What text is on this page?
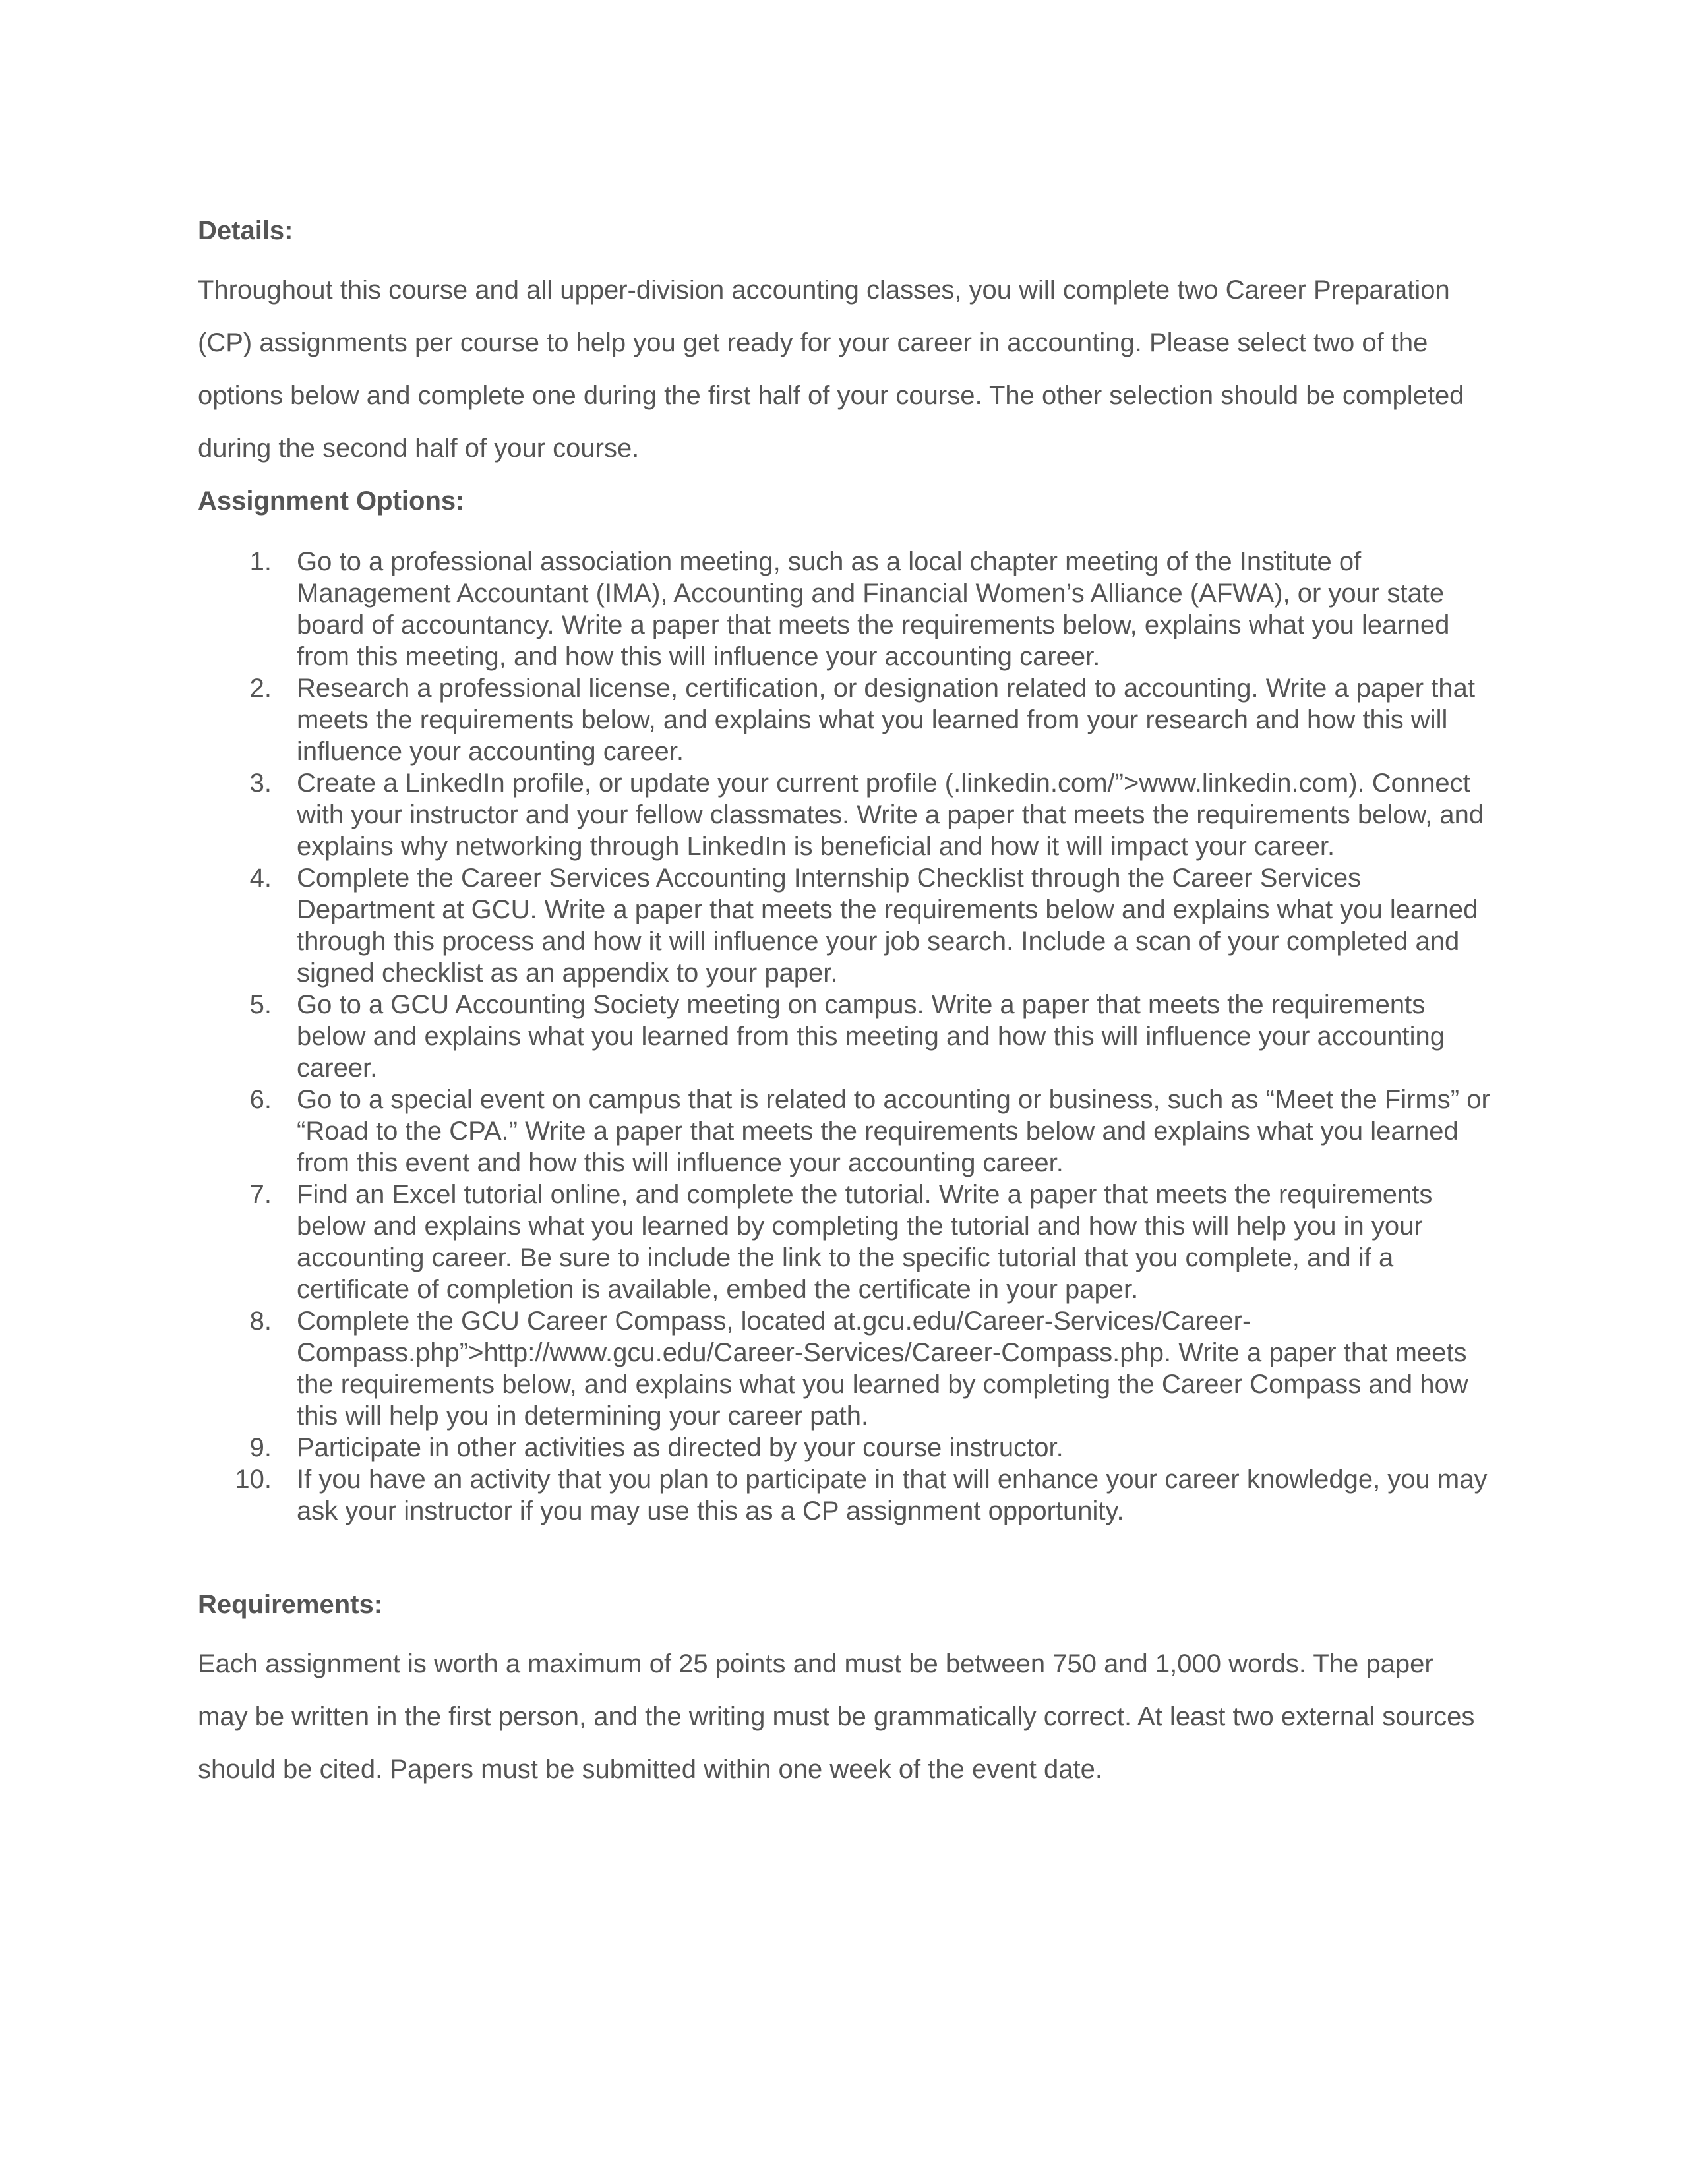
Details:

Throughout this course and all upper-division accounting classes, you will complete two Career Preparation (CP) assignments per course to help you get ready for your career in accounting. Please select two of the options below and complete one during the first half of your course. The other selection should be completed during the second half of your course.

Assignment Options:
1. Go to a professional association meeting, such as a local chapter meeting of the Institute of Management Accountant (IMA), Accounting and Financial Women’s Alliance (AFWA), or your state board of accountancy. Write a paper that meets the requirements below, explains what you learned from this meeting, and how this will influence your accounting career.
2. Research a professional license, certification, or designation related to accounting. Write a paper that meets the requirements below, and explains what you learned from your research and how this will influence your accounting career.
3. Create a LinkedIn profile, or update your current profile (.linkedin.com/”>www.linkedin.com). Connect with your instructor and your fellow classmates. Write a paper that meets the requirements below, and explains why networking through LinkedIn is beneficial and how it will impact your career.
4. Complete the Career Services Accounting Internship Checklist through the Career Services Department at GCU. Write a paper that meets the requirements below and explains what you learned through this process and how it will influence your job search. Include a scan of your completed and signed checklist as an appendix to your paper.
5. Go to a GCU Accounting Society meeting on campus. Write a paper that meets the requirements below and explains what you learned from this meeting and how this will influence your accounting career.
6. Go to a special event on campus that is related to accounting or business, such as “Meet the Firms” or “Road to the CPA.” Write a paper that meets the requirements below and explains what you learned from this event and how this will influence your accounting career.
7. Find an Excel tutorial online, and complete the tutorial. Write a paper that meets the requirements below and explains what you learned by completing the tutorial and how this will help you in your accounting career. Be sure to include the link to the specific tutorial that you complete, and if a certificate of completion is available, embed the certificate in your paper.
8. Complete the GCU Career Compass, located at.gcu.edu/Career-Services/Career-Compass.php”>http://www.gcu.edu/Career-Services/Career-Compass.php. Write a paper that meets the requirements below, and explains what you learned by completing the Career Compass and how this will help you in determining your career path.
9. Participate in other activities as directed by your course instructor.
10. If you have an activity that you plan to participate in that will enhance your career knowledge, you may ask your instructor if you may use this as a CP assignment opportunity.
Requirements:

Each assignment is worth a maximum of 25 points and must be between 750 and 1,000 words. The paper may be written in the first person, and the writing must be grammatically correct. At least two external sources should be cited. Papers must be submitted within one week of the event date.
